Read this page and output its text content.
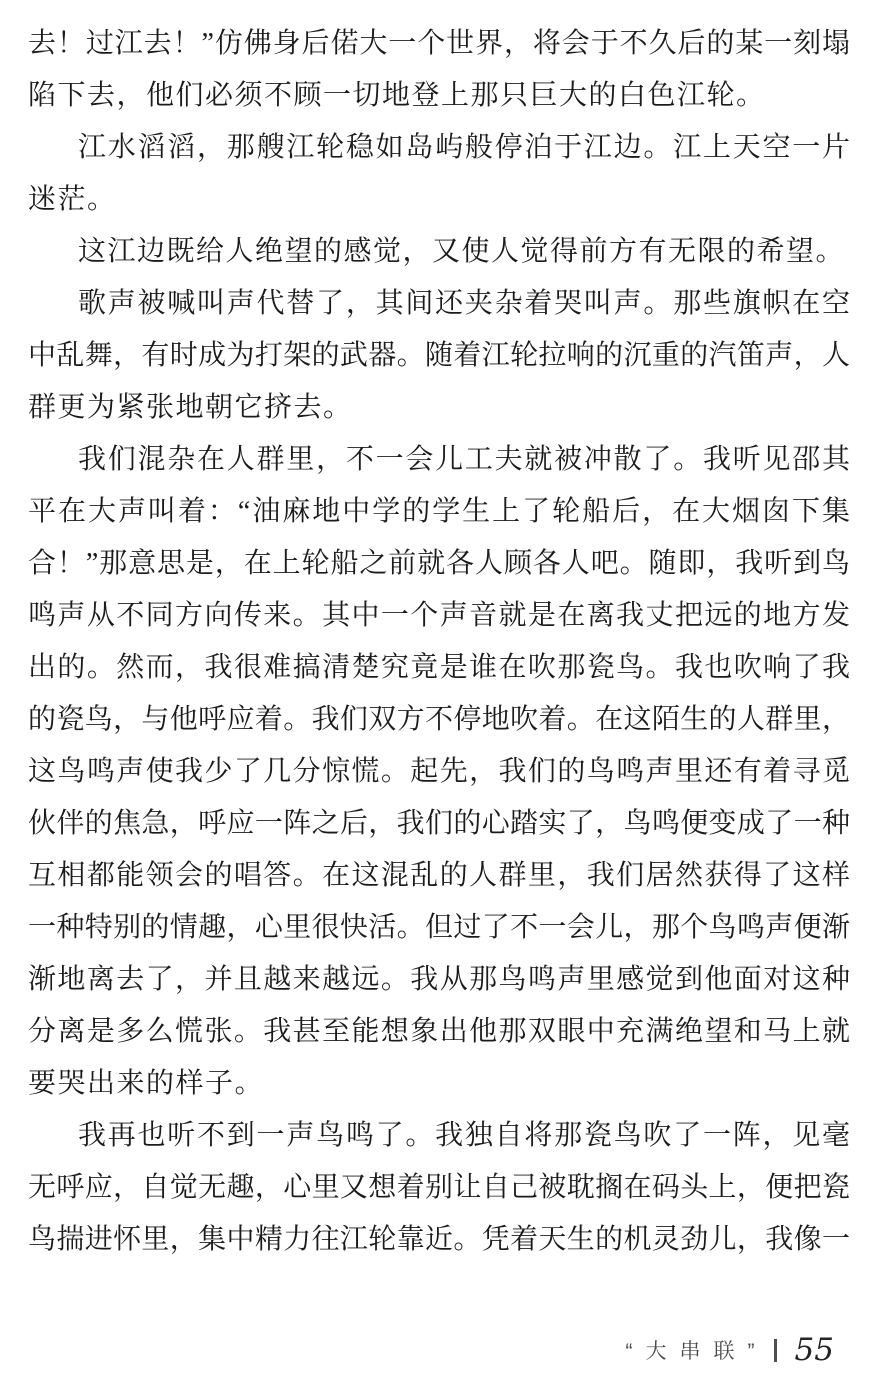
去！过江去！”仿佛身后偌大一个世界，将会于不久后的某一刻塌
陷下去，他们必须不顾一切地登上那只巨大的白色江轮。
江水滔滔，那艘江轮稳如岛屿般停泊于江边。江上天空一片
迷茫。
这江边既给人绝望的感觉，又使人觉得前方有无限的希望。
歌声被喊叫声代替了，其间还夹杂着哭叫声。那些旗帜在空
中乱舞，有时成为打架的武器。随着江轮拉响的沉重的汽笛声，人
群更为紧张地朝它挤去。
我们混杂在人群里，不一会儿工夫就被冲散了。我听见邵其
平在大声叫着：“油麻地中学的学生上了轮船后，在大烟囱下集
合！”那意思是，在上轮船之前就各人顾各人吧。随即，我听到鸟
鸣声从不同方向传来。其中一个声音就是在离我丈把远的地方发
出的。然而，我很难搞清楚究竟是谁在吹那瓷鸟。我也吹响了我
的瓷鸟，与他呼应着。我们双方不停地吹着。在这陌生的人群里，
这鸟鸣声使我少了几分惊慌。起先，我们的鸟鸣声里还有着寻觅
伙伴的焦急，呼应一阵之后，我们的心踏实了，鸟鸣便变成了一种
互相都能领会的唱答。在这混乱的人群里，我们居然获得了这样
一种特别的情趣，心里很快活。但过了不一会儿，那个鸟鸣声便渐
渐地离去了，并且越来越远。我从那鸟鸣声里感觉到他面对这种
分离是多么慌张。我甚至能想象出他那双眼中充满绝望和马上就
要哭出来的样子。
我再也听不到一声鸟鸣了。我独自将那瓷鸟吹了一阵，见毫
无呼应，自觉无趣，心里又想着别让自己被耽搁在码头上，便把瓷
鸟揣进怀里，集中精力往江轮靠近。凭着天生的机灵劲儿，我像一
“大串联” 55
